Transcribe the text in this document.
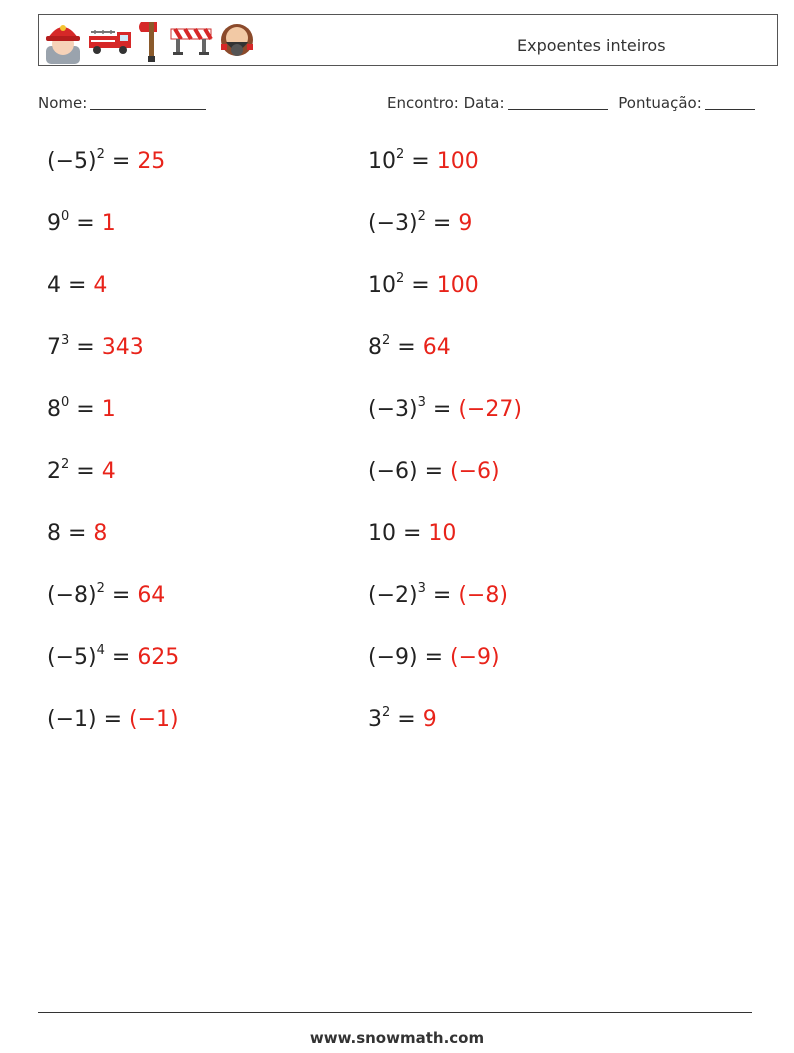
Expoentes inteiros
Nome:	Encontro: Data:	Pontuação:
$(-5)^2 = 25$	$10^2 = 100$
$9^0 = 1$	$(-3)^2 = 9$
4 = 4	$10^2 = 100$
$7^3 = 343$	$8^2 = 64$
$8^0 = 1$	$(-3)^3 = (-27)$
$2^2 = 4$	(−6) = (−6)
8 = 8	10 = 10
$(-8)^2 = 64$	$(-2)^3 = (-8)$
$(-5)^4 = 625$	(−9) = (−9)
(−1) = (−1)	$3^2 = 9$
www.snowmath.com
